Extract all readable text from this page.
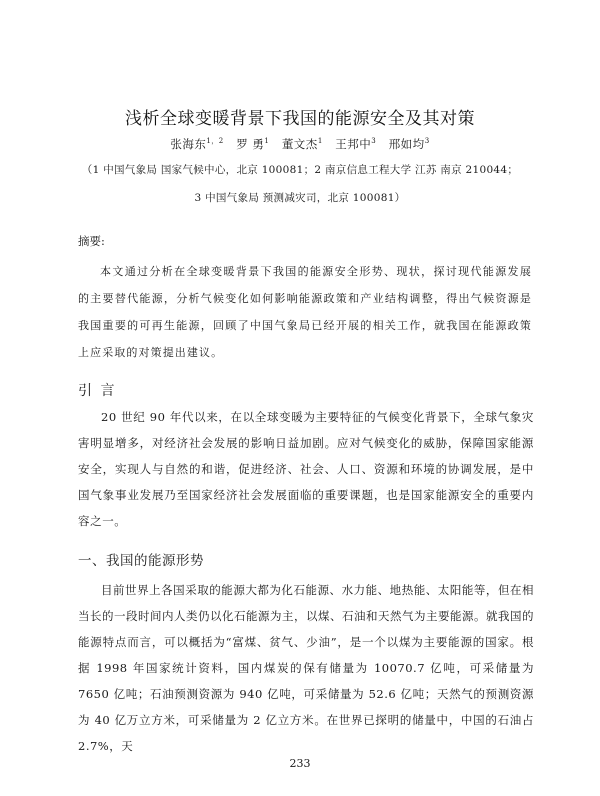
浅析全球变暖背景下我国的能源安全及其对策
张海东$^{1,2}$ 罗 勇$^1$ 董文杰$^1$ 王邦中$^3$ 邢如均$^3$
（1 中国气象局 国家气候中心，北京 100081；2 南京信息工程大学 江苏 南京 210044；
3 中国气象局 预测减灾司，北京 100081）
摘要:
本文通过分析在全球变暖背景下我国的能源安全形势、现状，探讨现代能源发展的主要替代能源，分析气候变化如何影响能源政策和产业结构调整，得出气候资源是我国重要的可再生能源，回顾了中国气象局已经开展的相关工作，就我国在能源政策上应采取的对策提出建议。
引 言
20 世纪 90 年代以来，在以全球变暖为主要特征的气候变化背景下，全球气象灾害明显增多，对经济社会发展的影响日益加剧。应对气候变化的威胁，保障国家能源安全，实现人与自然的和谐，促进经济、社会、人口、资源和环境的协调发展，是中国气象事业发展乃至国家经济社会发展面临的重要课题，也是国家能源安全的重要内容之一。
一、我国的能源形势
目前世界上各国采取的能源大都为化石能源、水力能、地热能、太阳能等，但在相当长的一段时间内人类仍以化石能源为主，以煤、石油和天然气为主要能源。就我国的能源特点而言，可以概括为“富煤、贫气、少油”，是一个以煤为主要能源的国家。根据 1998 年国家统计资料，国内煤炭的保有储量为 10070.7 亿吨，可采储量为 7650 亿吨；石油预测资源为 940 亿吨，可采储量为 52.6 亿吨；天然气的预测资源为 40 亿万立方米，可采储量为 2 亿立方米。在世界已探明的储量中，中国的石油占 2.7%，天
233
